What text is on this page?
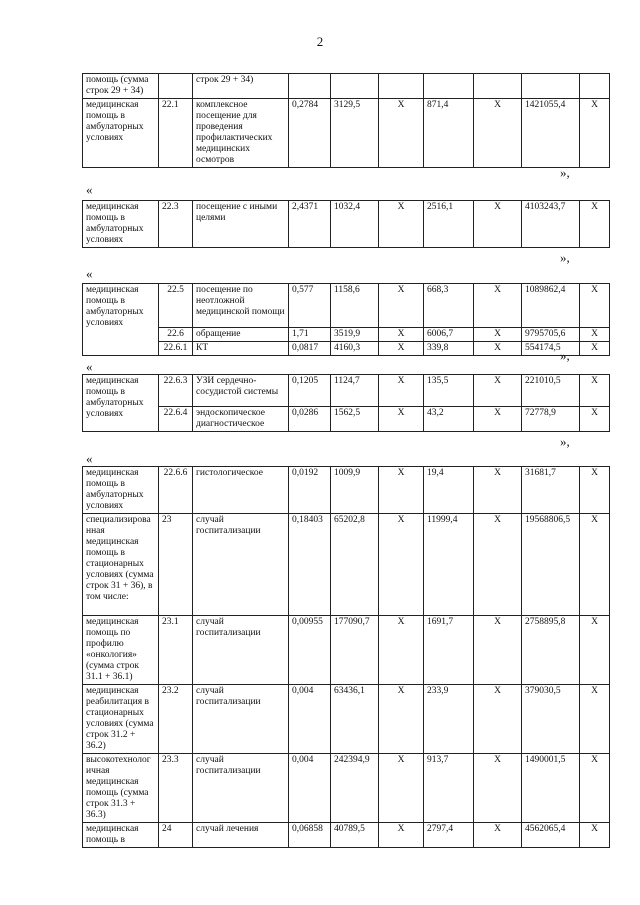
2
помощь (сумма строк 29 + 34)		строк 29 + 34)							
медицинская помощь в амбулаторных условиях	22.1	комплексное посещение для проведения профилактических медицинских осмотров	0,2784	3129,5	Х	871,4	Х	1421055,4	Х
»,
«
медицинская помощь в амбулаторных условиях	22.3	посещение с иными целями	2,4371	1032,4	Х	2516,1	Х	4103243,7	Х
»,
«
медицинская помощь в амбулаторных условиях	22.5	посещение по неотложной медицинской помощи	0,577	1158,6	Х	668,3	Х	1089862,4	Х
	22.6	обращение	1,71	3519,9	Х	6006,7	Х	9795705,6	Х
	22.6.1	КТ	0,0817	4160,3	Х	339,8	Х	554174,5	Х
»,
«
медицинская помощь в амбулаторных условиях	22.6.3	УЗИ сердечно-сосудистой системы	0,1205	1124,7	Х	135,5	Х	221010,5	Х
	22.6.4	эндоскопическое диагностическое	0,0286	1562,5	Х	43,2	Х	72778,9	Х
»,
«
медицинская помощь в амбулаторных условиях	22.6.6	гистологическое	0,0192	1009,9	Х	19,4	Х	31681,7	Х
специализированная медицинская помощь в стационарных условиях (сумма строк 31 + 36), в том числе:	23	случай госпитализации	0,18403	65202,8	Х	11999,4	Х	19568806,5	Х
медицинская помощь по профилю «онкология» (сумма строк 31.1 + 36.1)	23.1	случай госпитализации	0,00955	177090,7	Х	1691,7	Х	2758895,8	Х
медицинская реабилитация в стационарных условиях (сумма строк 31.2 + 36.2)	23.2	случай госпитализации	0,004	63436,1	Х	233,9	Х	379030,5	Х
высокотехнологичная медицинская помощь (сумма строк 31.3 + 36.3)	23.3	случай госпитализации	0,004	242394,9	Х	913,7	Х	1490001,5	Х
медицинская помощь в	24	случай лечения	0,06858	40789,5	Х	2797,4	Х	4562065,4	Х
